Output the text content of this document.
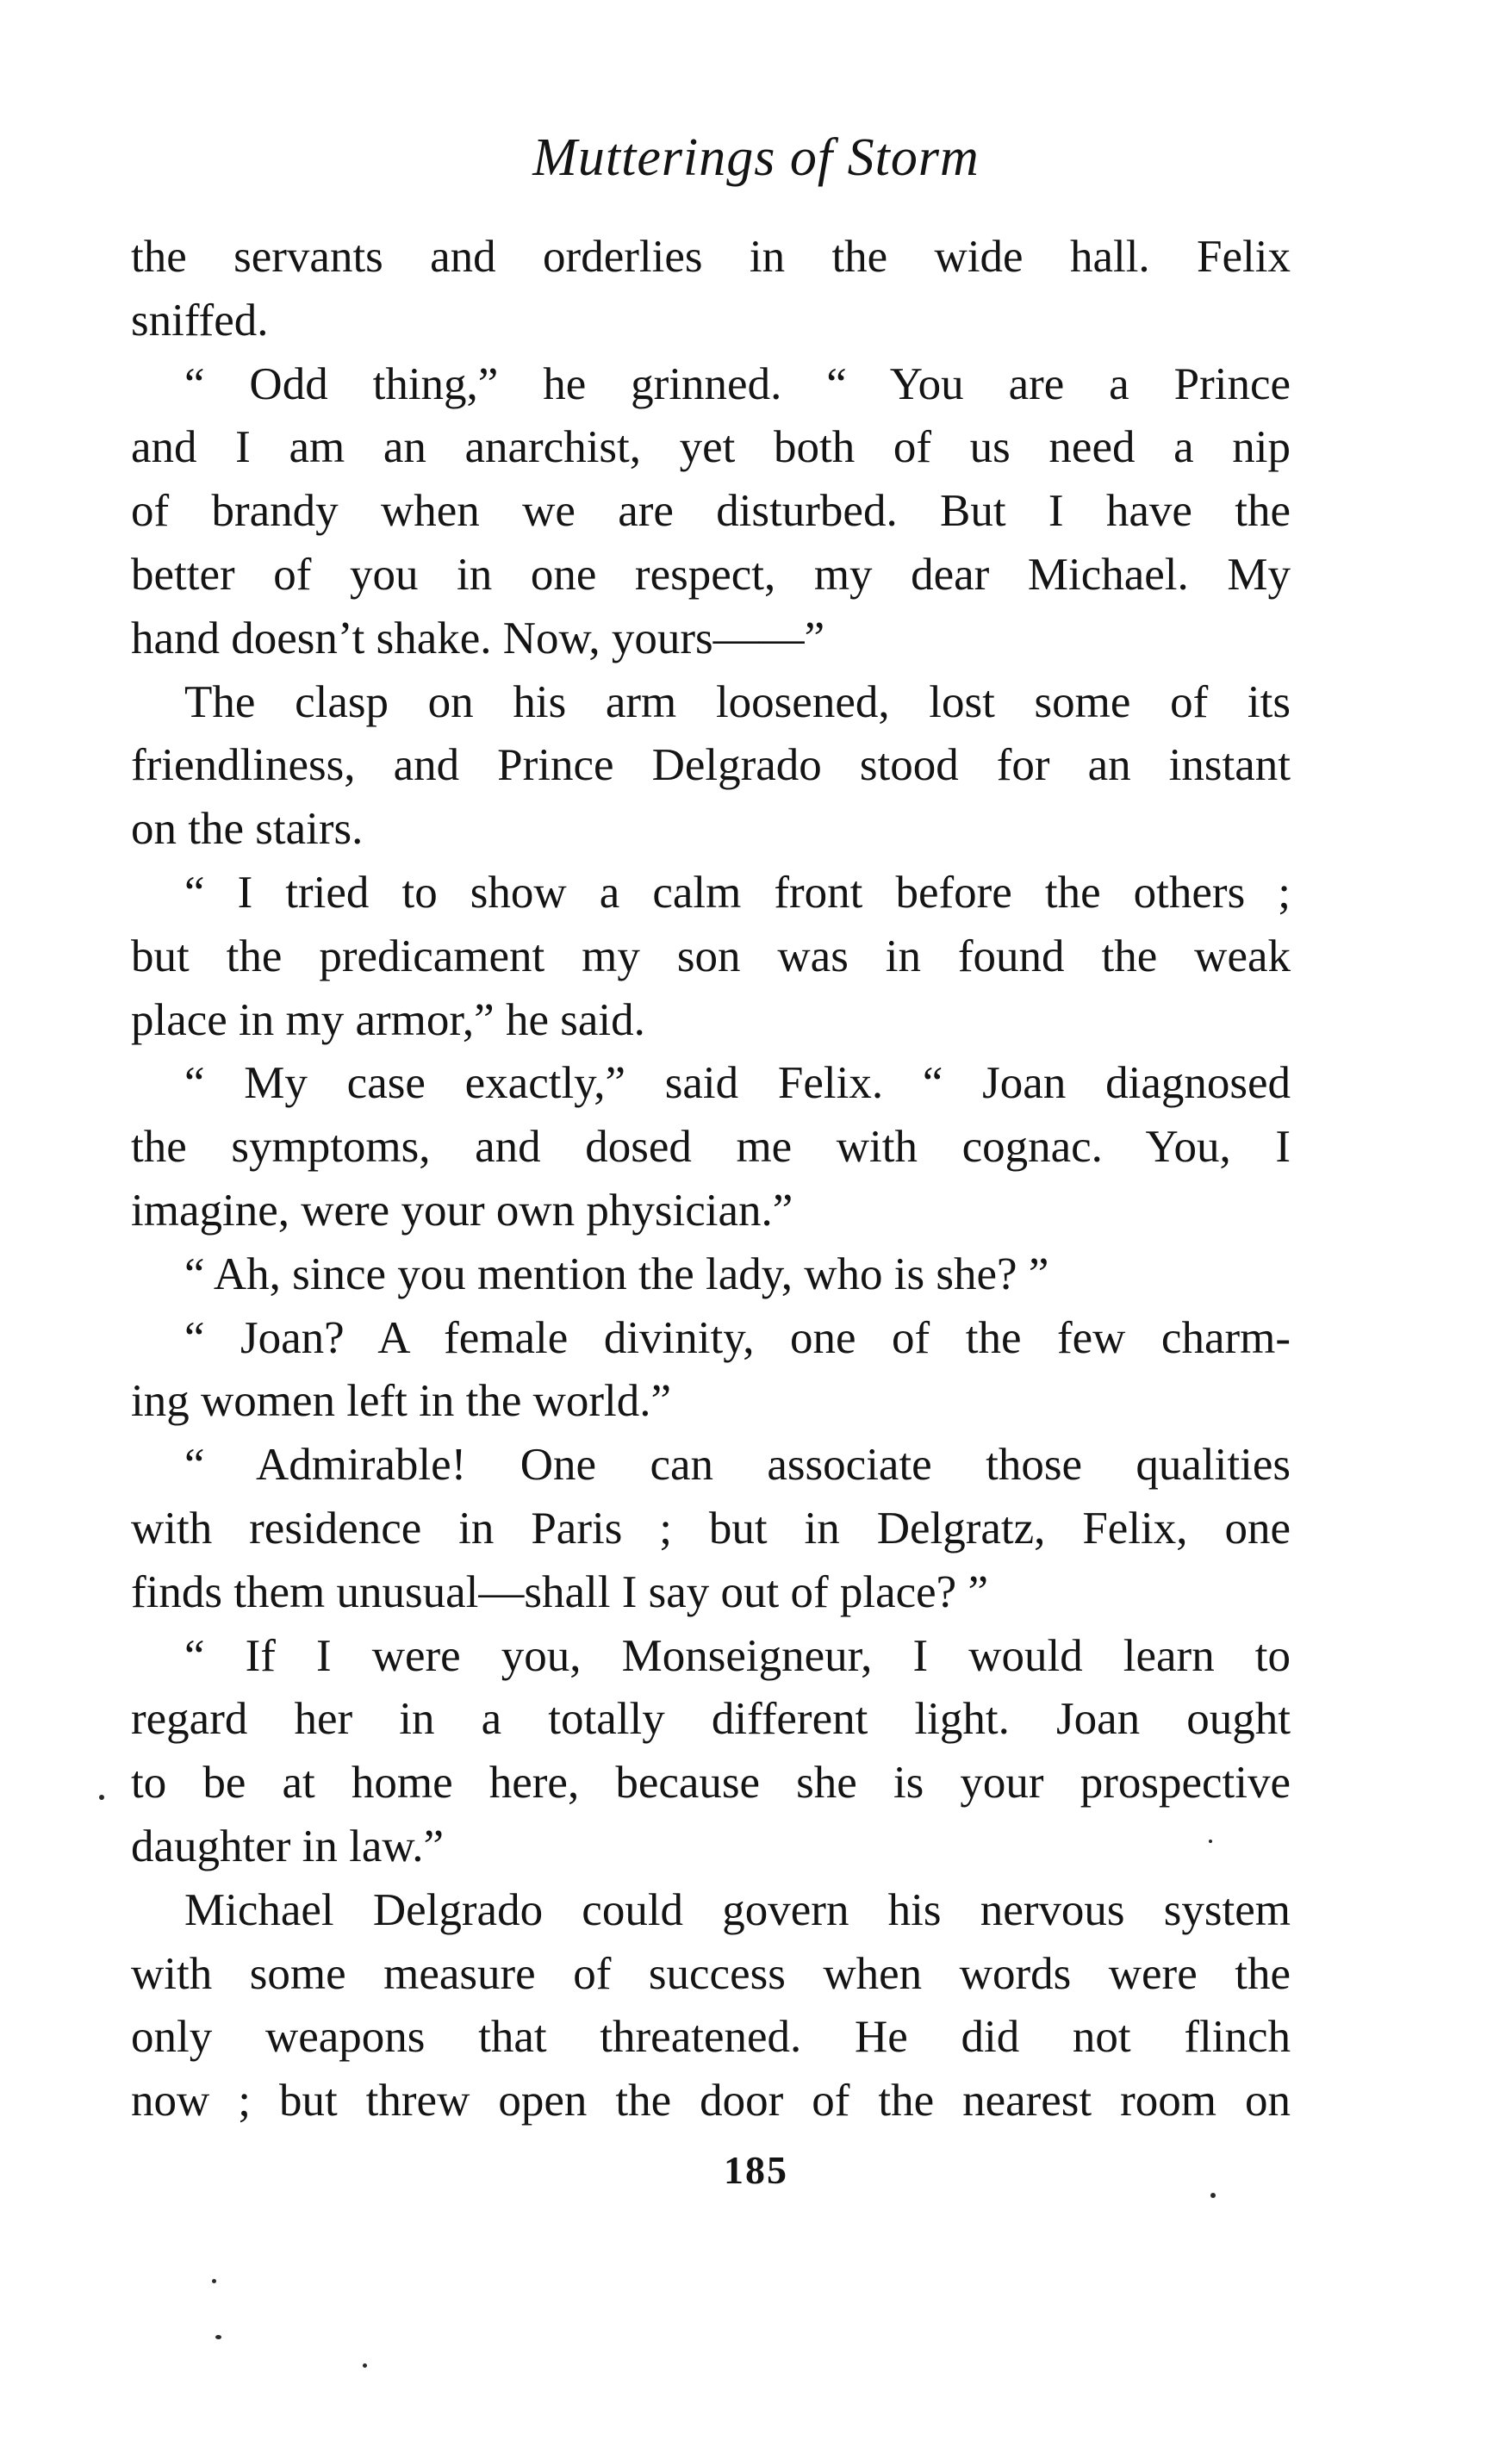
Mutterings of Storm
the servants and orderlies in the wide hall. Felix
sniffed.
“ Odd thing,” he grinned. “ You are a Prince
and I am an anarchist, yet both of us need a nip
of brandy when we are disturbed. But I have the
better of you in one respect, my dear Michael. My
hand doesn’t shake. Now, yours——”
The clasp on his arm loosened, lost some of its
friendliness, and Prince Delgrado stood for an instant
on the stairs.
“ I tried to show a calm front before the others ;
but the predicament my son was in found the weak
place in my armor,” he said.
“ My case exactly,” said Felix. “ Joan diagnosed
the symptoms, and dosed me with cognac. You, I
imagine, were your own physician.”
“ Ah, since you mention the lady, who is she? ”
“ Joan? A female divinity, one of the few charm-
ing women left in the world.”
“ Admirable! One can associate those qualities
with residence in Paris ; but in Delgratz, Felix, one
finds them unusual—shall I say out of place? ”
“ If I were you, Monseigneur, I would learn to
regard her in a totally different light. Joan ought
to be at home here, because she is your prospective
daughter in law.”
Michael Delgrado could govern his nervous system
with some measure of success when words were the
only weapons that threatened. He did not flinch
now ; but threw open the door of the nearest room on
185
